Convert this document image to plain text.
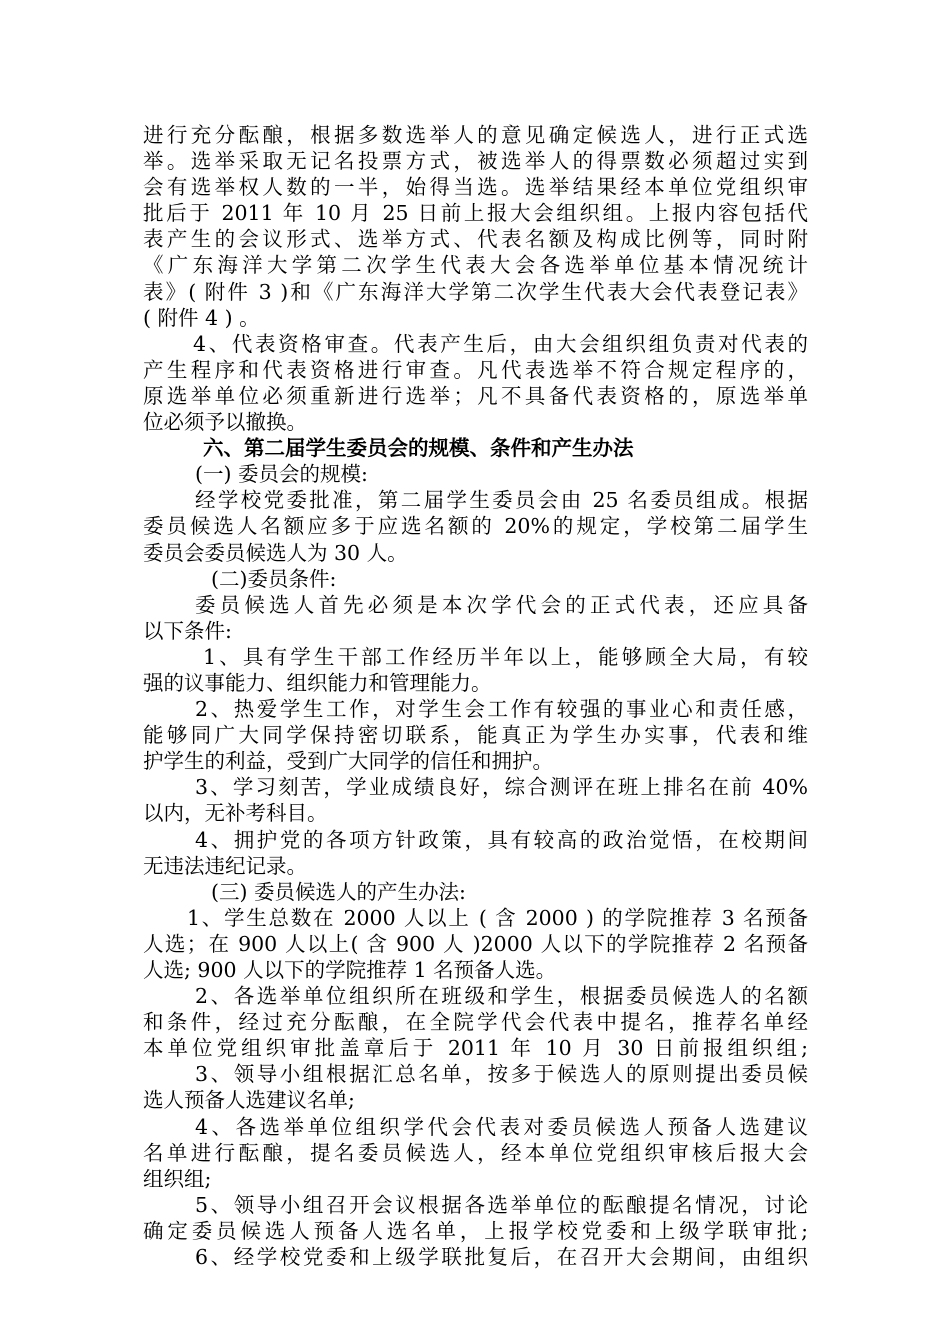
进行充分酝酿，根据多数选举人的意见确定候选人，进行正式选
举。选举采取无记名投票方式，被选举人的得票数必须超过实到
会有选举权人数的一半，始得当选。选举结果经本单位党组织审
批后于 2011 年 10 月 25 日前上报大会组织组。上报内容包括代
表产生的会议形式、选举方式、代表名额及构成比例等，同时附
《广东海洋大学第二次学生代表大会各选举单位基本情况统计
表》( 附件 3 )和《广东海洋大学第二次学生代表大会代表登记表》
( 附件 4 ) 。
4、代表资格审查。代表产生后，由大会组织组负责对代表的
产生程序和代表资格进行审查。凡代表选举不符合规定程序的，
原选举单位必须重新进行选举；凡不具备代表资格的，原选举单
位必须予以撤换。
六、第二届学生委员会的规模、条件和产生办法
(一) 委员会的规模:
经学校党委批准，第二届学生委员会由 25 名委员组成。根据
委员候选人名额应多于应选名额的 20%的规定，学校第二届学生
委员会委员候选人为 30 人。
(二)委员条件:
委员候选人首先必须是本次学代会的正式代表，还应具备
以下条件:
1、具有学生干部工作经历半年以上，能够顾全大局，有较
强的议事能力、组织能力和管理能力。
2、热爱学生工作，对学生会工作有较强的事业心和责任感，
能够同广大同学保持密切联系，能真正为学生办实事，代表和维
护学生的利益，受到广大同学的信任和拥护。
3、学习刻苦，学业成绩良好，综合测评在班上排名在前 40%
以内，无补考科目。
4、拥护党的各项方针政策，具有较高的政治觉悟，在校期间
无违法违纪记录。
(三) 委员候选人的产生办法:
1、学生总数在 2000 人以上 ( 含 2000 ) 的学院推荐 3 名预备
人选；在 900 人以上( 含 900 人 )2000 人以下的学院推荐 2 名预备
人选; 900 人以下的学院推荐 1 名预备人选。
2、各选举单位组织所在班级和学生，根据委员候选人的名额
和条件，经过充分酝酿，在全院学代会代表中提名，推荐名单经
本单位党组织审批盖章后于 2011 年 10 月 30 日前报组织组;
3、领导小组根据汇总名单，按多于候选人的原则提出委员候
选人预备人选建议名单;
4、各选举单位组织学代会代表对委员候选人预备人选建议
名单进行酝酿，提名委员候选人，经本单位党组织审核后报大会
组织组;
5、领导小组召开会议根据各选举单位的酝酿提名情况，讨论
确定委员候选人预备人选名单，上报学校党委和上级学联审批;
6、经学校党委和上级学联批复后，在召开大会期间，由组织
